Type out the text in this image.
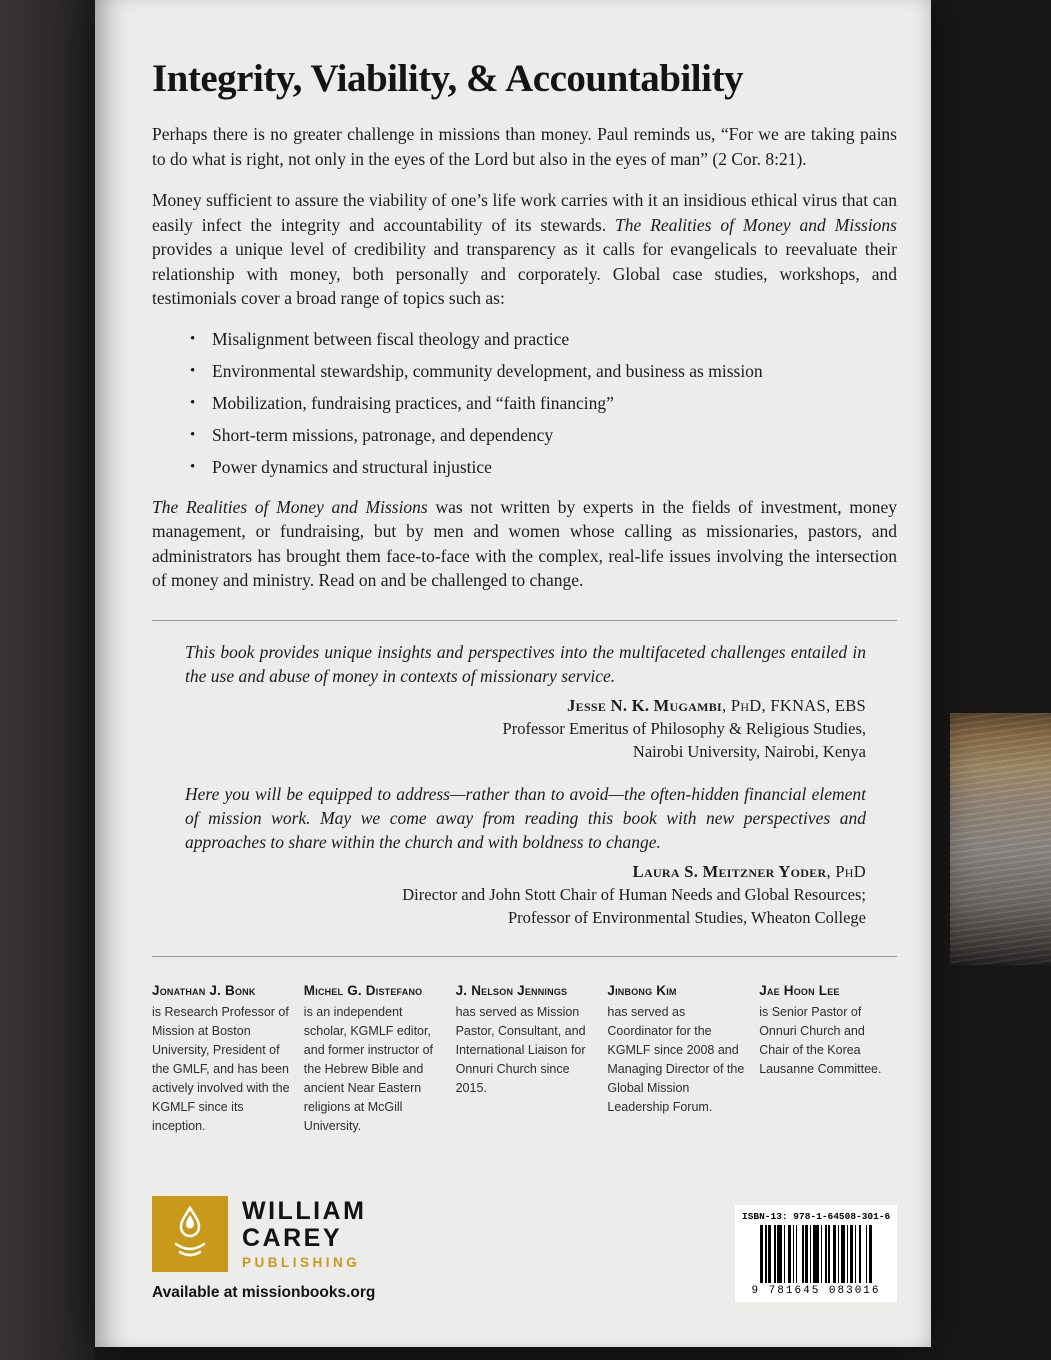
Integrity, Viability, & Accountability

Perhaps there is no greater challenge in missions than money. Paul reminds us, “For we are taking pains to do what is right, not only in the eyes of the Lord but also in the eyes of man” (2 Cor. 8:21).

Money sufficient to assure the viability of one’s life work carries with it an insidious ethical virus that can easily infect the integrity and accountability of its stewards. The Realities of Money and Missions provides a unique level of credibility and transparency as it calls for evangelicals to reevaluate their relationship with money, both personally and corporately. Global case studies, workshops, and testimonials cover a broad range of topics such as:

• Misalignment between fiscal theology and practice
• Environmental stewardship, community development, and business as mission
• Mobilization, fundraising practices, and “faith financing”
• Short-term missions, patronage, and dependency
• Power dynamics and structural injustice

The Realities of Money and Missions was not written by experts in the fields of investment, money management, or fundraising, but by men and women whose calling as missionaries, pastors, and administrators has brought them face-to-face with the complex, real-life issues involving the intersection of money and ministry. Read on and be challenged to change.

This book provides unique insights and perspectives into the multifaceted challenges entailed in the use and abuse of money in contexts of missionary service.

Jesse N. K. Mugambi, PhD, FKNAS, EBS
Professor Emeritus of Philosophy & Religious Studies,
Nairobi University, Nairobi, Kenya

Here you will be equipped to address—rather than to avoid—the often-hidden financial element of mission work. May we come away from reading this book with new perspectives and approaches to share within the church and with boldness to change.

Laura S. Meitzner Yoder, PhD
Director and John Stott Chair of Human Needs and Global Resources;
Professor of Environmental Studies, Wheaton College
Jonathan J. Bonk
is Research Professor of Mission at Boston University, President of the GMLF, and has been actively involved with the KGMLF since its inception.
Michel G. Distefano
is an independent scholar, KGMLF editor, and former instructor of the Hebrew Bible and ancient Near Eastern religions at McGill University.
J. Nelson Jennings
has served as Mission Pastor, Consultant, and International Liaison for Onnuri Church since 2015.
Jinbong Kim
has served as Coordinator for the KGMLF since 2008 and Managing Director of the Global Mission Leadership Forum.
Jae Hoon Lee
is Senior Pastor of Onnuri Church and Chair of the Korea Lausanne Committee.
WILLIAM
CAREY
PUBLISHING
Available at missionbooks.org
ISBN-13: 978-1-64508-301-6
9 781645 083016
